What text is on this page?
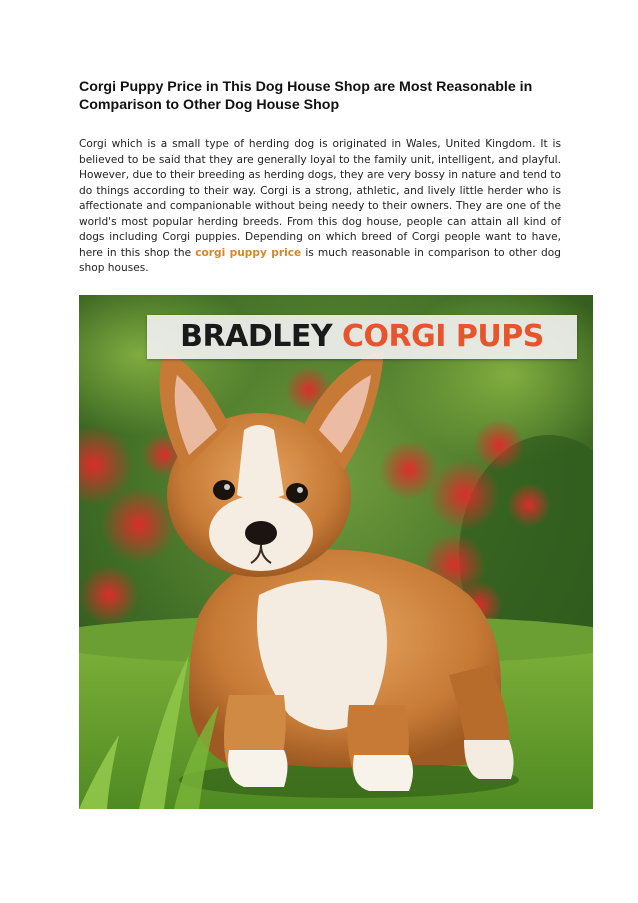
Corgi Puppy Price in This Dog House Shop are Most Reasonable in Comparison to Other Dog House Shop

Corgi which is a small type of herding dog is originated in Wales, United Kingdom. It is believed to be said that they are generally loyal to the family unit, intelligent, and playful. However, due to their breeding as herding dogs, they are very bossy in nature and tend to do things according to their way. Corgi is a strong, athletic, and lively little herder who is affectionate and companionable without being needy to their owners. They are one of the world's most popular herding breeds. From this dog house, people can attain all kind of dogs including Corgi puppies. Depending on which breed of Corgi people want to have, here in this shop the corgi puppy price is much reasonable in comparison to other dog shop houses.

BRADLEY CORGI PUPS
